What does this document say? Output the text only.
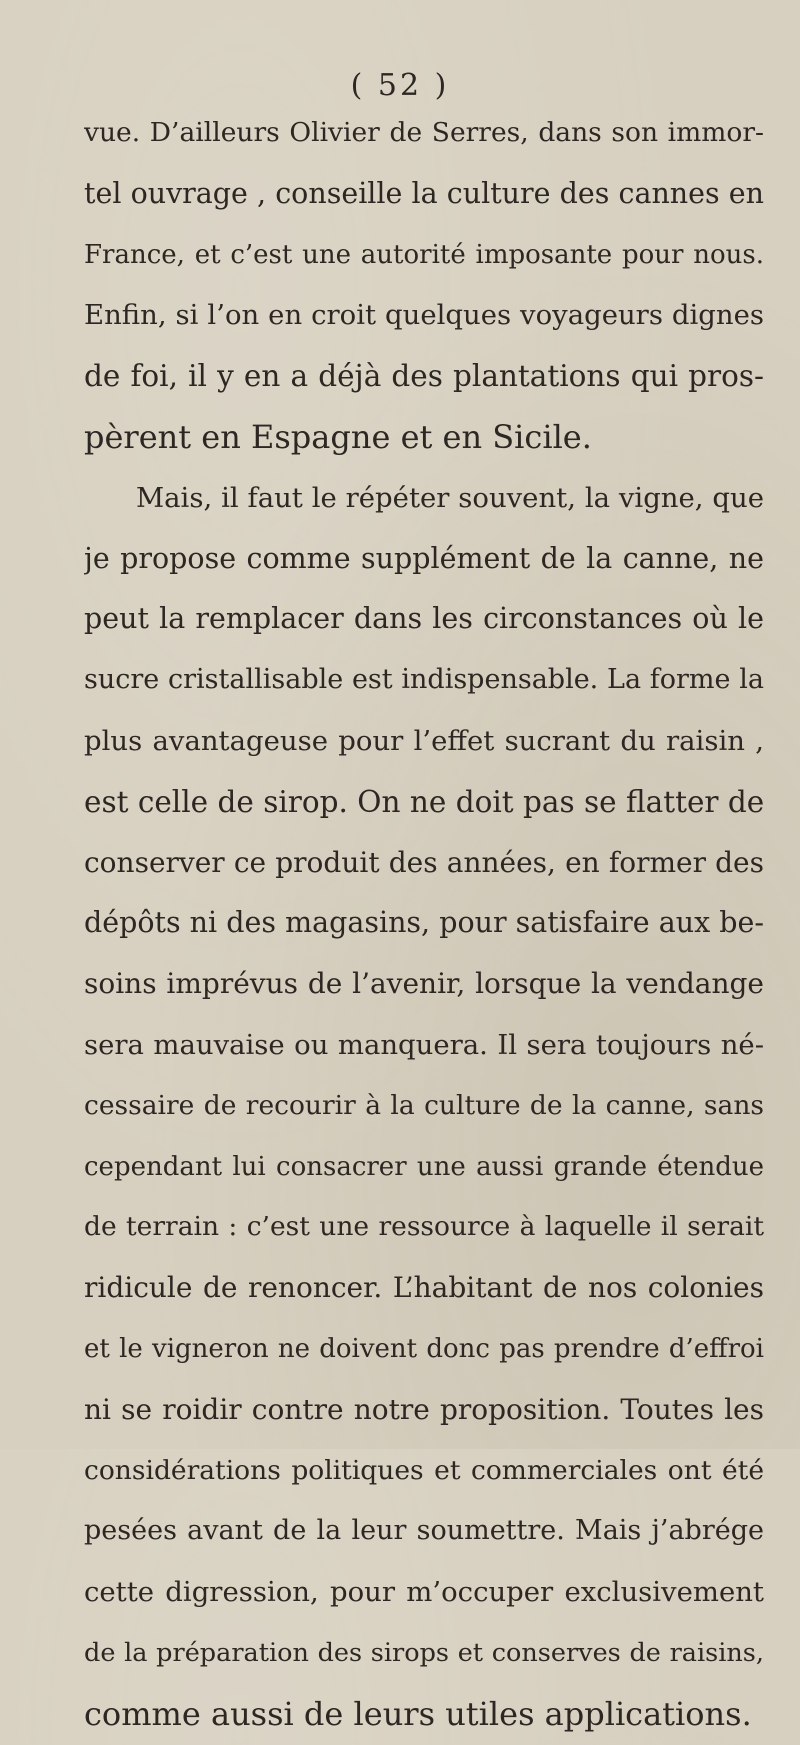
( 52 )
vue. D’ailleurs Olivier de Serres, dans son immor-
tel ouvrage , conseille la culture des cannes en
France, et c’est une autorité imposante pour nous.
Enfin, si l’on en croit quelques voyageurs dignes
de foi, il y en a déjà des plantations qui pros-
pèrent en Espagne et en Sicile.
Mais, il faut le répéter souvent, la vigne, que
je propose comme supplément de la canne, ne
peut la remplacer dans les circonstances où le
sucre cristallisable est indispensable. La forme la
plus avantageuse pour l’effet sucrant du raisin ,
est celle de sirop. On ne doit pas se flatter de
conserver ce produit des années, en former des
dépôts ni des magasins, pour satisfaire aux be-
soins imprévus de l’avenir, lorsque la vendange
sera mauvaise ou manquera. Il sera toujours né-
cessaire de recourir à la culture de la canne, sans
cependant lui consacrer une aussi grande étendue
de terrain : c’est une ressource à laquelle il serait
ridicule de renoncer. L’habitant de nos colonies
et le vigneron ne doivent donc pas prendre d’effroi
ni se roidir contre notre proposition. Toutes les
considérations politiques et commerciales ont été
pesées avant de la leur soumettre. Mais j’abrége
cette digression, pour m’occuper exclusivement
de la préparation des sirops et conserves de raisins,
comme aussi de leurs utiles applications.
